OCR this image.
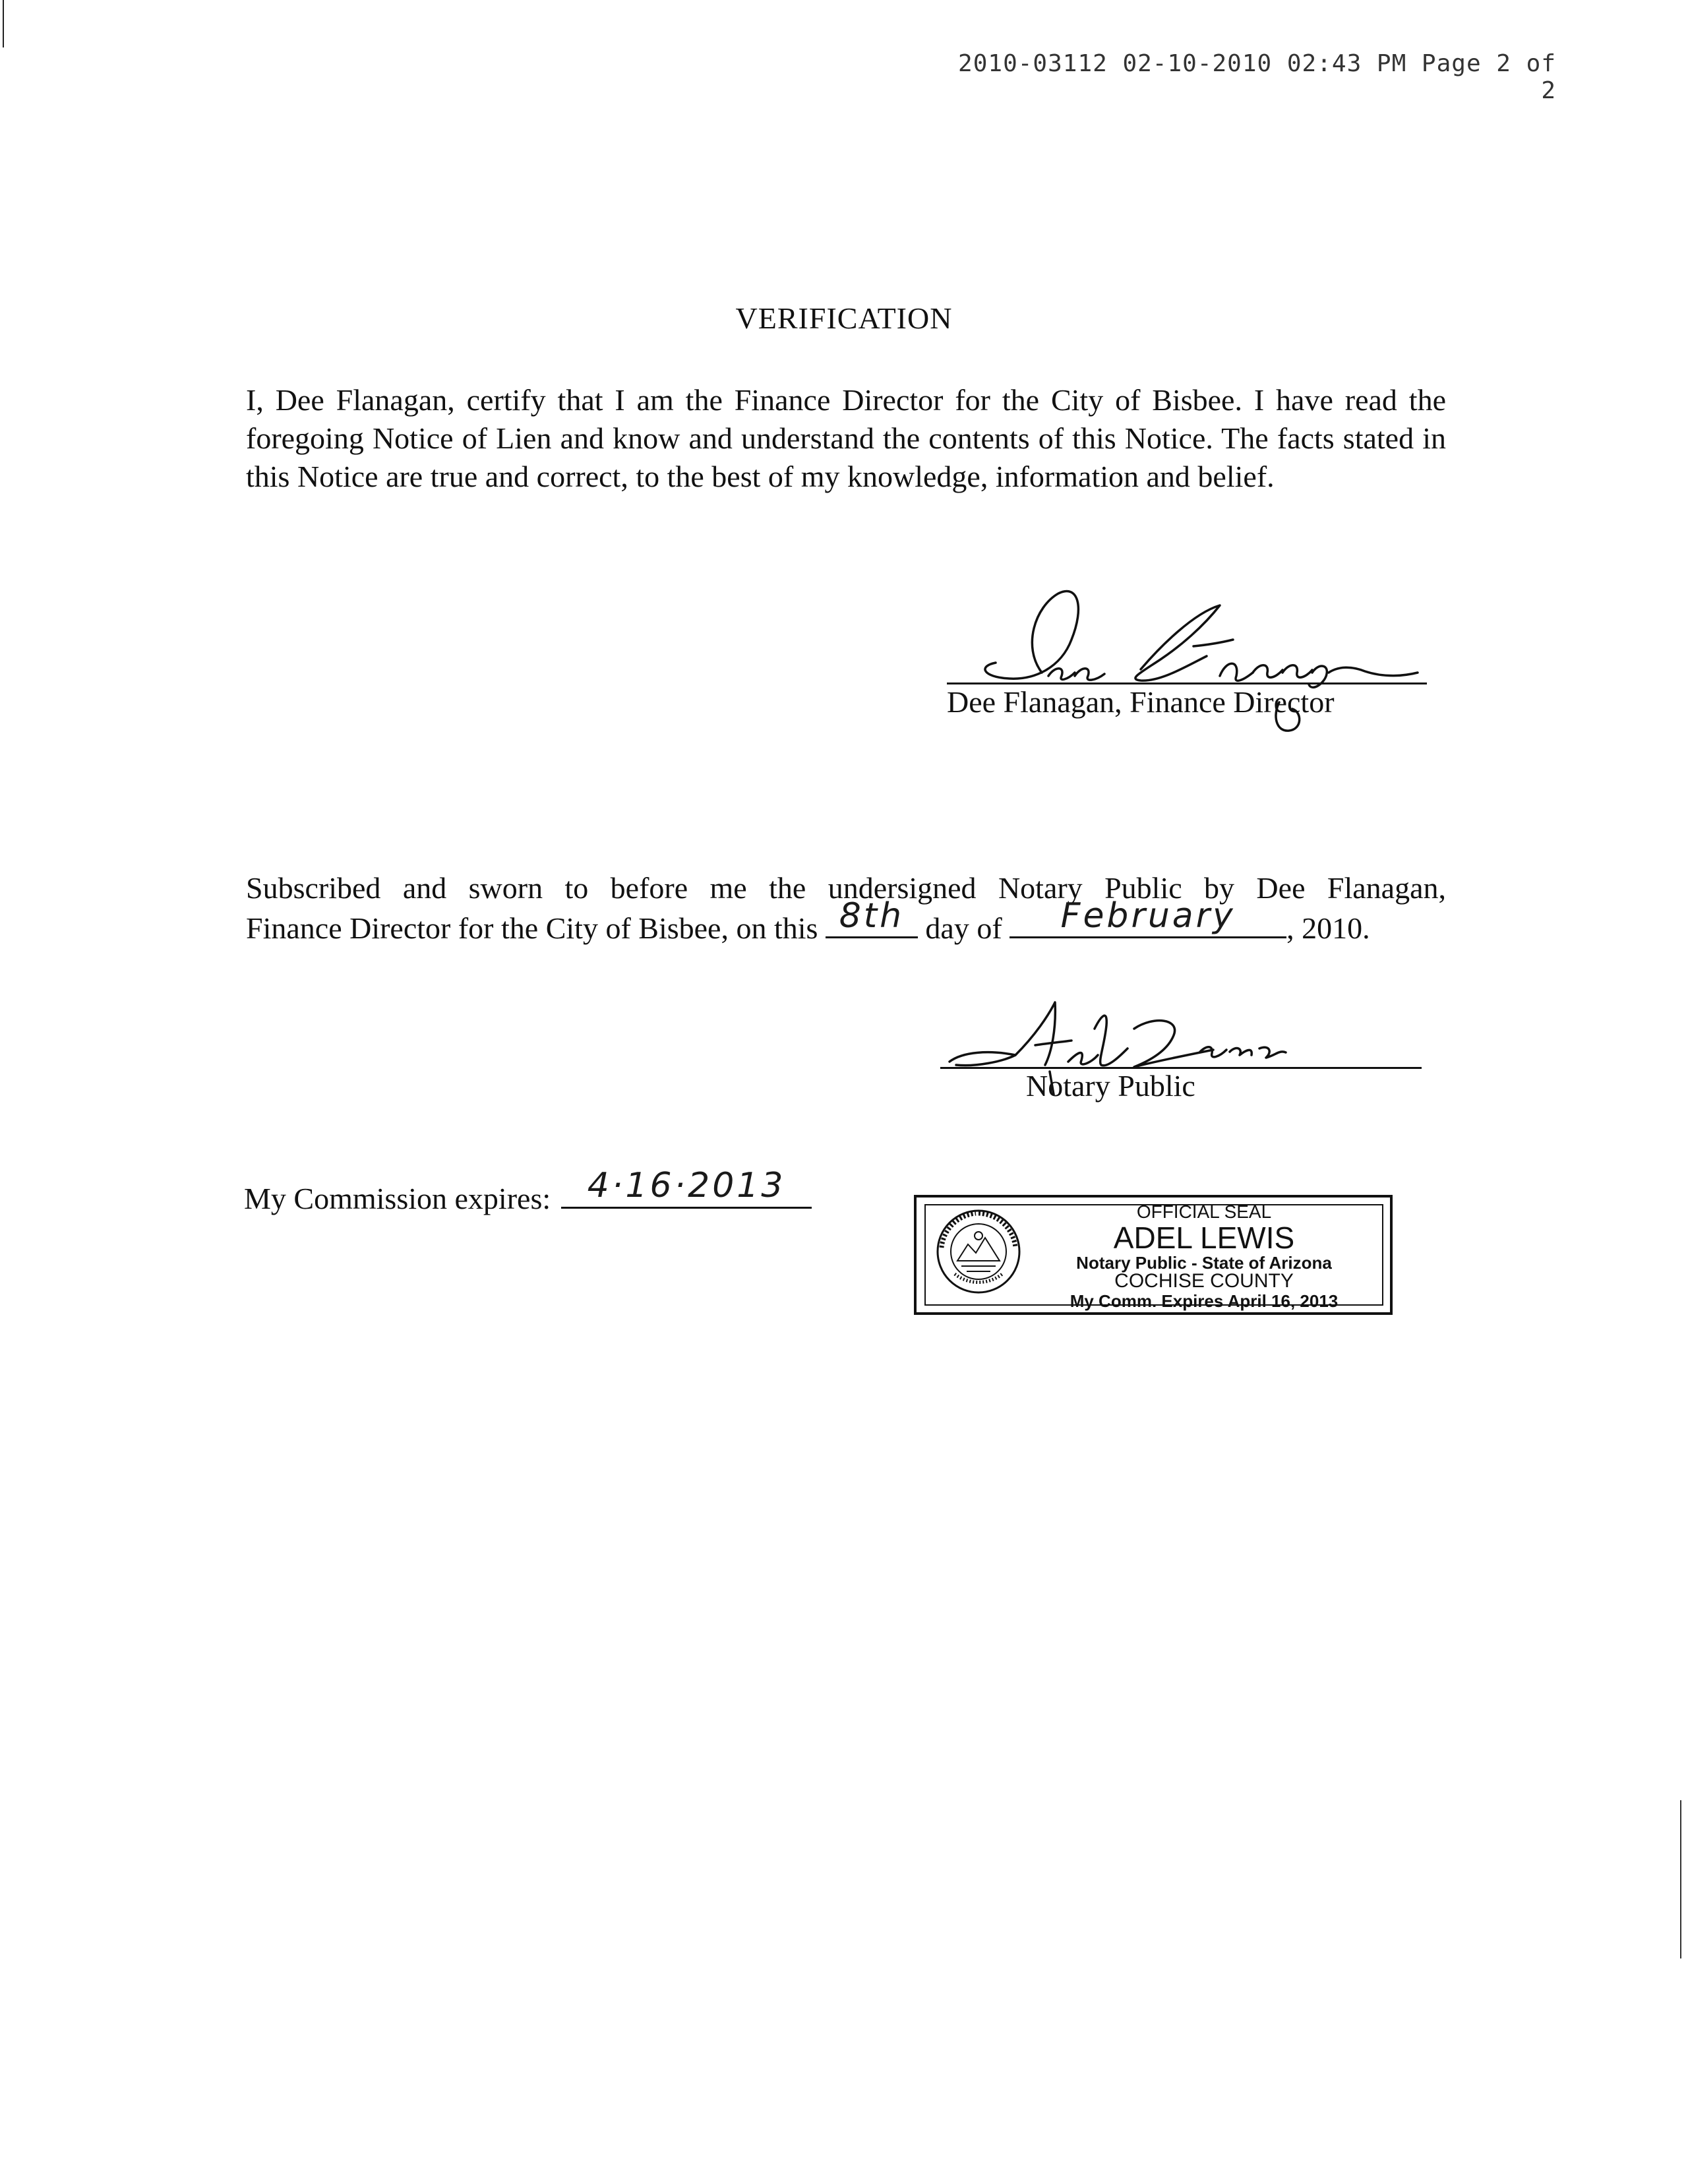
2010-03112 02-10-2010 02:43 PM Page 2 of 2
VERIFICATION
I, Dee Flanagan, certify that I am the Finance Director for the City of Bisbee. I have read the foregoing Notice of Lien and know and understand the contents of this Notice. The facts stated in this Notice are true and correct, to the best of my knowledge, information and belief.
Dee Flanagan, Finance Director
Subscribed and sworn to before me the undersigned Notary Public by Dee Flanagan,
Finance Director for the City of Bisbee, on this 8th day of	February	, 2010.
Notary Public
My Commission expires:	4·16·2013
OFFICIAL SEAL
ADEL LEWIS
Notary Public - State of Arizona
COCHISE COUNTY
My Comm. Expires April 16, 2013
